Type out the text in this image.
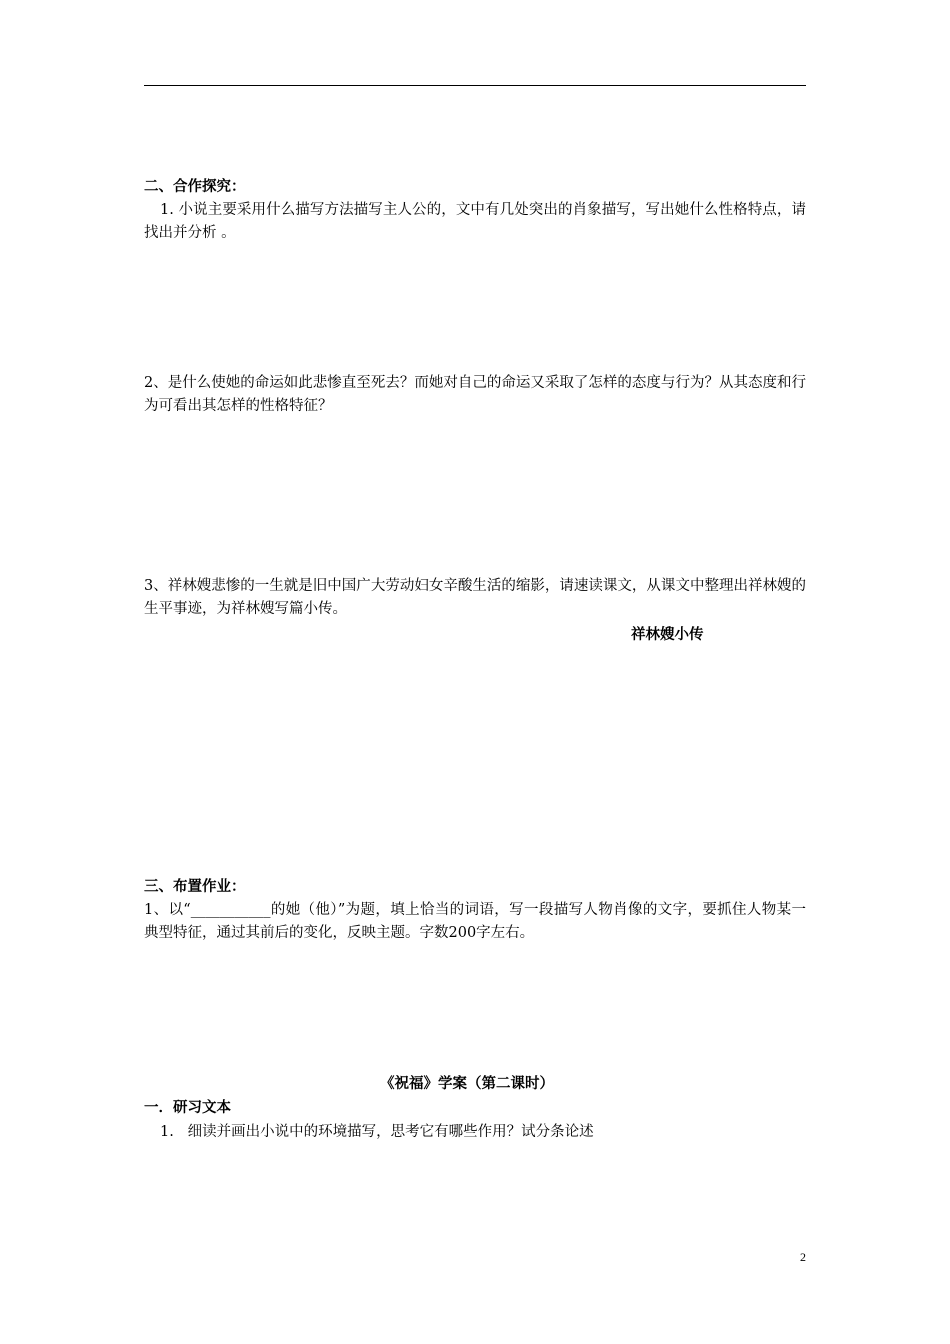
二、合作探究：
1. 小说主要采用什么描写方法描写主人公的，文中有几处突出的肖象描写，写出她什么性格特点，请找出并分析 。
2、是什么使她的命运如此悲惨直至死去？而她对自己的命运又采取了怎样的态度与行为？从其态度和行为可看出其怎样的性格特征？
3、祥林嫂悲惨的一生就是旧中国广大劳动妇女辛酸生活的缩影，请速读课文，从课文中整理出祥林嫂的生平事迹，为祥林嫂写篇小传。
祥林嫂小传
三、布置作业：
1、以“___________的她（他）”为题，填上恰当的词语，写一段描写人物肖像的文字，要抓住人物某一典型特征，通过其前后的变化，反映主题。字数200字左右。
《祝福》学案（第二课时）
一．研习文本
1.   细读并画出小说中的环境描写，思考它有哪些作用？试分条论述
2
